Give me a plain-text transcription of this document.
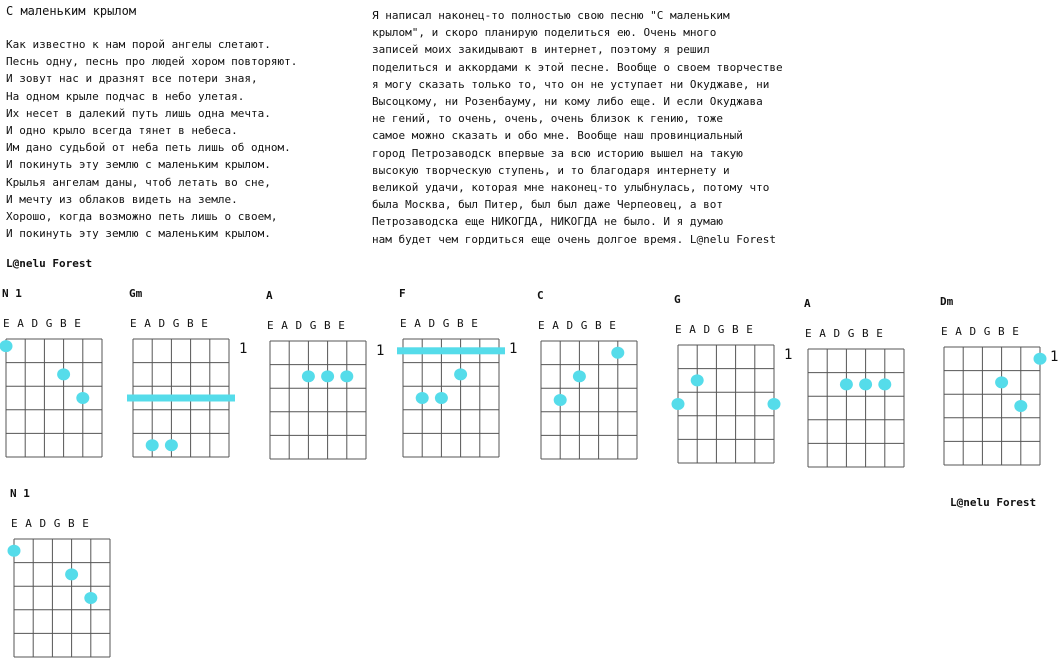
С маленьким крылом
Как известно к нам порой ангелы слетают.
Песнь одну, песнь про людей хором повторяют.
И зовут нас и дразнят все потери зная,
На одном крыле подчас в небо улетая.
Их несет в далекий путь лишь одна мечта.
И одно крыло всегда тянет в небеса.
Им дано судьбой от неба петь лишь об одном.
И покинуть эту землю с маленьким крылом.
Крылья ангелам даны, чтоб летать во сне,
И мечту из облаков видеть на земле.
Хорошо, когда возможно петь лишь о своем,
И покинуть эту землю с маленьким крылом.
Я написал наконец-то полностью свою песню "С маленьким
крылом", и скоро планирую поделиться ею. Очень много
записей моих закидывают в интернет, поэтому я решил
поделиться и аккордами к этой песне. Вообще о своем творчестве
я могу сказать только то, что он не уступает ни Окуджаве, ни
Высоцкому, ни Розенбауму, ни кому либо еще. И если Окуджава
не гений, то очень, очень, очень близок к гению, тоже
самое можно сказать и обо мне. Вообще наш провинциальный
город Петрозаводск впервые за всю историю вышел на такую
высокую творческую ступень, и то благодаря интернету и
великой удачи, которая мне наконец-то улыбнулась, потому что
была Москва, был Питер, был был даже Черпеовец, а вот
Петрозаводска еще НИКОГДА, НИКОГДА не было. И я думаю
нам будет чем гордиться еще очень долгое время. L@nelu Forest
L@nelu Forest
L@nelu Forest
N 1
E A D G B E
Gm
E A D G B E
1
A
E A D G B E
1
F
E A D G B E
1
C
E A D G B E
G
E A D G B E
1
A
E A D G B E
Dm
E A D G B E
1
N 1
E A D G B E
